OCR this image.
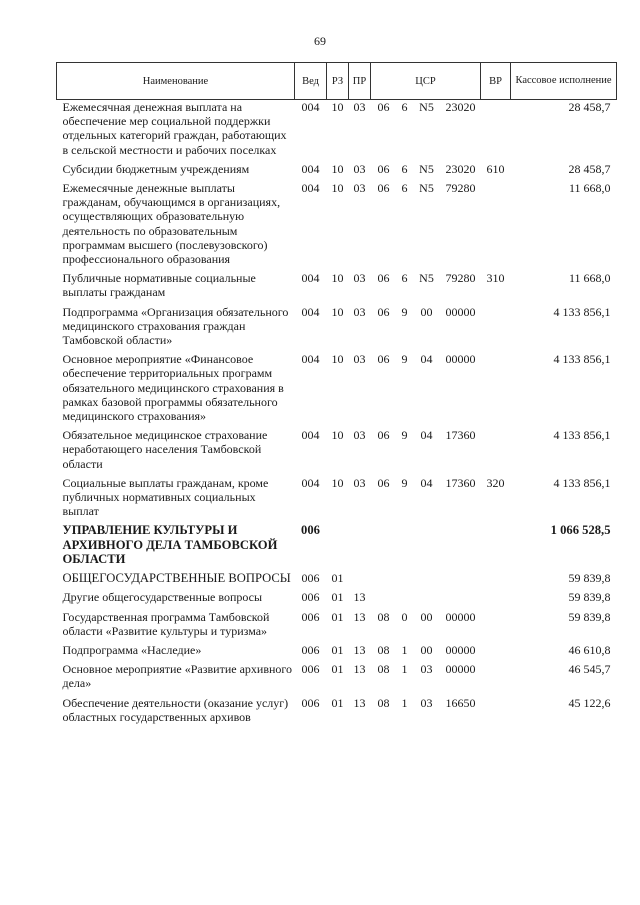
69
Наименование	Вед	РЗ	ПР	ЦСР				ВР	Кассовое исполнение
Ежемесячная денежная выплата на обеспечение мер социальной поддержки отдельных категорий граждан, работающих в сельской местности и рабочих поселках	004	10	03	06	6	N5	23020		28 458,7
Субсидии бюджетным учреждениям	004	10	03	06	6	N5	23020	610	28 458,7
Ежемесячные денежные выплаты гражданам, обучающимся в организациях, осуществляющих образовательную деятельность по образовательным программам высшего (послевузовского) профессионального образования	004	10	03	06	6	N5	79280		11 668,0
Публичные нормативные социальные выплаты гражданам	004	10	03	06	6	N5	79280	310	11 668,0
Подпрограмма «Организация обязательного медицинского страхования граждан Тамбовской области»	004	10	03	06	9	00	00000		4 133 856,1
Основное мероприятие «Финансовое обеспечение территориальных программ обязательного медицинского страхования в рамках базовой программы обязательного медицинского страхования»	004	10	03	06	9	04	00000		4 133 856,1
Обязательное медицинское страхование неработающего населения Тамбовской области	004	10	03	06	9	04	17360		4 133 856,1
Социальные выплаты гражданам, кроме публичных нормативных социальных выплат	004	10	03	06	9	04	17360	320	4 133 856,1
УПРАВЛЕНИЕ КУЛЬТУРЫ И АРХИВНОГО ДЕЛА ТАМБОВСКОЙ ОБЛАСТИ	006								1 066 528,5
ОБЩЕГОСУДАРСТВЕННЫЕ ВОПРОСЫ	006	01							59 839,8
Другие общегосударственные вопросы	006	01	13						59 839,8
Государственная программа Тамбовской области «Развитие культуры и туризма»	006	01	13	08	0	00	00000		59 839,8
Подпрограмма «Наследие»	006	01	13	08	1	00	00000		46 610,8
Основное мероприятие «Развитие архивного дела»	006	01	13	08	1	03	00000		46 545,7
Обеспечение деятельности (оказание услуг) областных государственных архивов	006	01	13	08	1	03	16650		45 122,6
